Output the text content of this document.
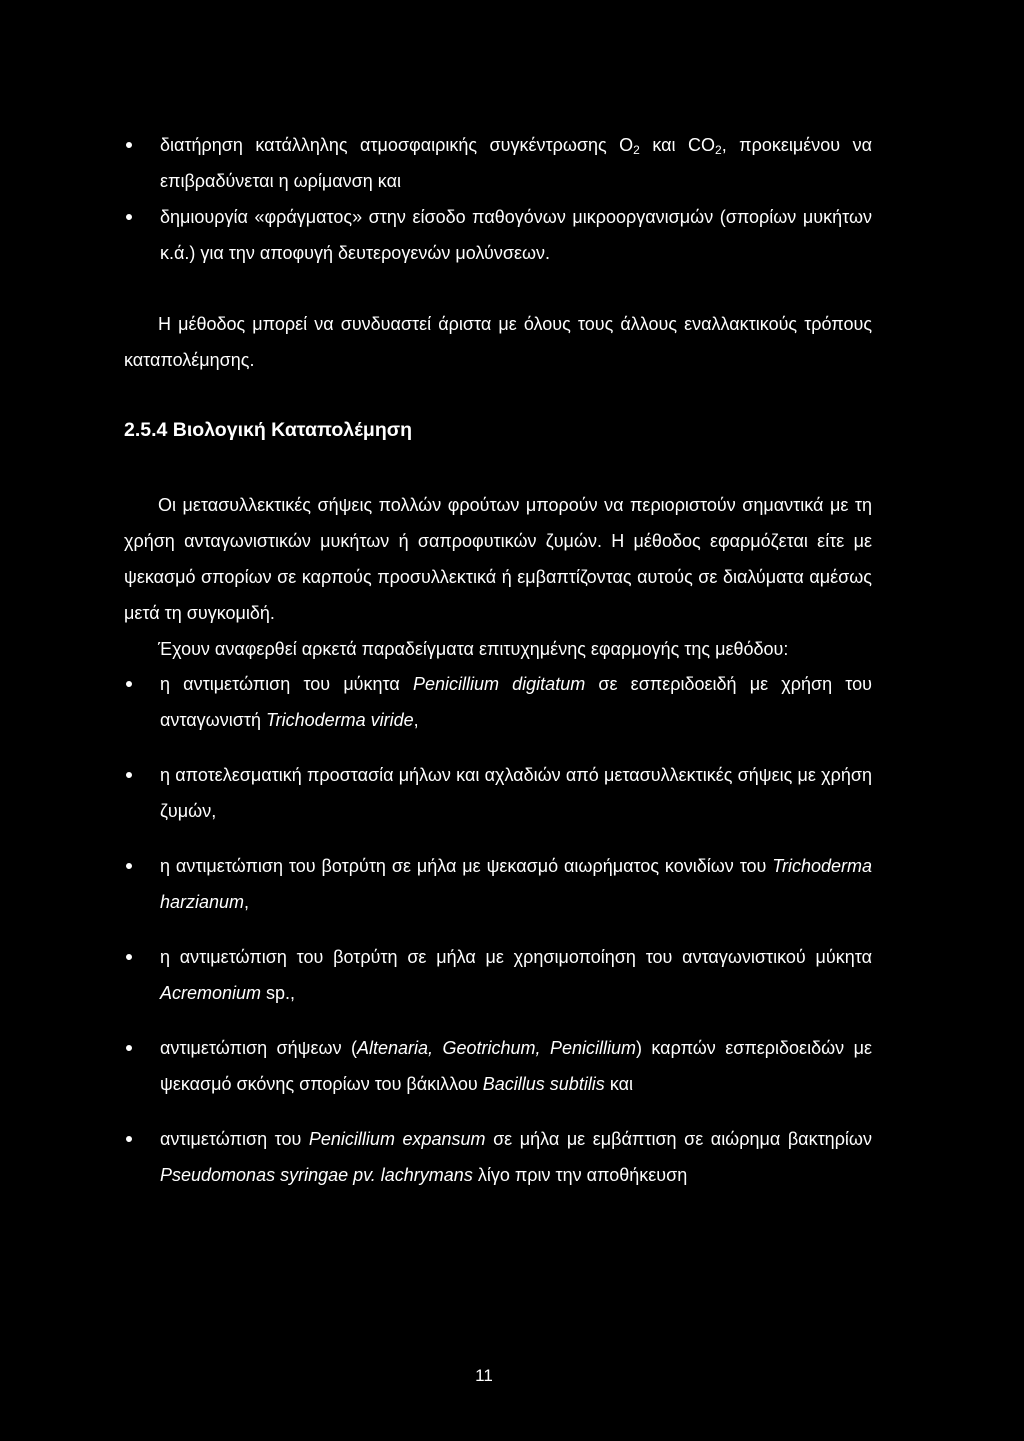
διατήρηση κατάλληλης ατμοσφαιρικής συγκέντρωσης $O_2$ και $CO_2$, προκειμένου να επιβραδύνεται η ωρίμανση και
δημιουργία «φράγματος» στην είσοδο παθογόνων μικροοργανισμών (σπορίων μυκήτων κ.ά.) για την αποφυγή δευτερογενών μολύνσεων.

Η μέθοδος μπορεί να συνδυαστεί άριστα με όλους τους άλλους εναλλακτικούς τρόπους καταπολέμησης.

2.5.4 Βιολογική Καταπολέμηση

Οι μετασυλλεκτικές σήψεις πολλών φρούτων μπορούν να περιοριστούν σημαντικά με τη χρήση ανταγωνιστικών μυκήτων ή σαπροφυτικών ζυμών. Η μέθοδος εφαρμόζεται είτε με ψεκασμό σπορίων σε καρπούς προσυλλεκτικά ή εμβαπτίζοντας αυτούς σε διαλύματα αμέσως μετά τη συγκομιδή.

Έχουν αναφερθεί αρκετά παραδείγματα επιτυχημένης εφαρμογής της μεθόδου:

η αντιμετώπιση του μύκητα Penicillium digitatum σε εσπεριδοειδή με χρήση του ανταγωνιστή Trichoderma viride,
η αποτελεσματική προστασία μήλων και αχλαδιών από μετασυλλεκτικές σήψεις με χρήση ζυμών,
η αντιμετώπιση του βοτρύτη σε μήλα με ψεκασμό αιωρήματος κονιδίων του Trichoderma harzianum,
η αντιμετώπιση του βοτρύτη σε μήλα με χρησιμοποίηση του ανταγωνιστικού μύκητα Acremonium sp.,
αντιμετώπιση σήψεων (Altenaria, Geotrichum, Penicillium) καρπών εσπεριδοειδών με ψεκασμό σκόνης σπορίων του βάκιλλου Bacillus subtilis και
αντιμετώπιση του Penicillium expansum σε μήλα με εμβάπτιση σε αιώρημα βακτηρίων Pseudomonas syringae pv. lachrymans λίγο πριν την αποθήκευση
11
